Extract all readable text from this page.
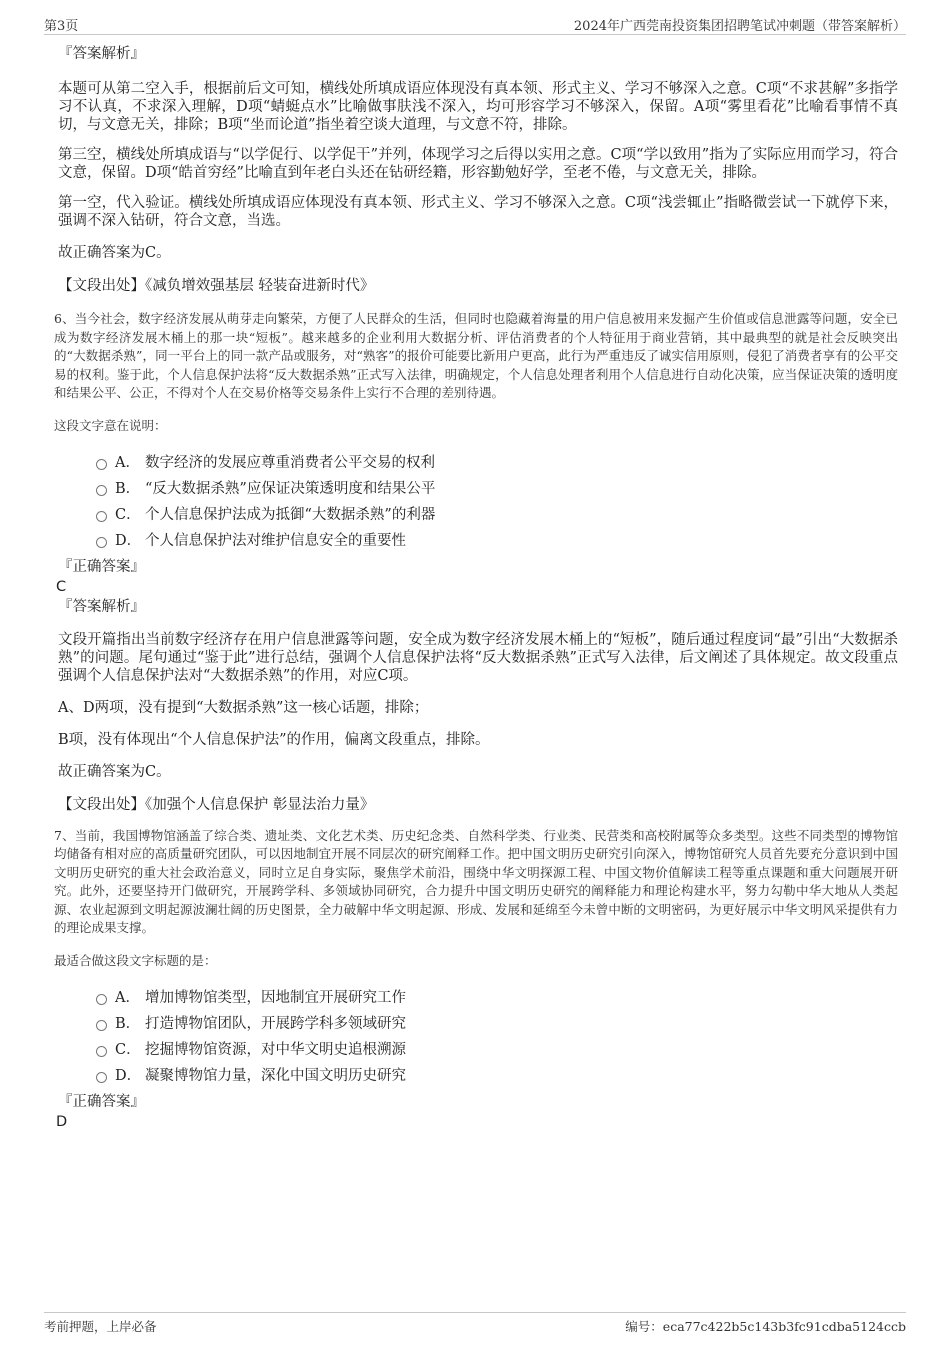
第3页	2024年广西莞南投资集团招聘笔试冲刺题（带答案解析）
『答案解析』

本题可从第二空入手，根据前后文可知，横线处所填成语应体现没有真本领、形式主义、学习不够深入之意。C项“不求甚解”多指学习不认真，不求深入理解，D项“蜻蜓点水”比喻做事肤浅不深入，均可形容学习不够深入，保留。A项“雾里看花”比喻看事情不真切，与文意无关，排除；B项“坐而论道”指坐着空谈大道理，与文意不符，排除。

第三空，横线处所填成语与“以学促行、以学促干”并列，体现学习之后得以实用之意。C项“学以致用”指为了实际应用而学习，符合文意，保留。D项“皓首穷经”比喻直到年老白头还在钻研经籍，形容勤勉好学，至老不倦，与文意无关，排除。

第一空，代入验证。横线处所填成语应体现没有真本领、形式主义、学习不够深入之意。C项“浅尝辄止”指略微尝试一下就停下来，强调不深入钻研，符合文意，当选。

故正确答案为C。

【文段出处】《减负增效强基层 轻装奋进新时代》

6、当今社会，数字经济发展从萌芽走向繁荣，方便了人民群众的生活，但同时也隐藏着海量的用户信息被用来发掘产生价值或信息泄露等问题，安全已成为数字经济发展木桶上的那一块“短板”。越来越多的企业利用大数据分析、评估消费者的个人特征用于商业营销，其中最典型的就是社会反映突出的“大数据杀熟”，同一平台上的同一款产品或服务，对“熟客”的报价可能要比新用户更高，此行为严重违反了诚实信用原则，侵犯了消费者享有的公平交易的权利。鉴于此，个人信息保护法将“反大数据杀熟”正式写入法律，明确规定，个人信息处理者利用个人信息进行自动化决策，应当保证决策的透明度和结果公平、公正，不得对个人在交易价格等交易条件上实行不合理的差别待遇。

这段文字意在说明：

A． 数字经济的发展应尊重消费者公平交易的权利
B． “反大数据杀熟”应保证决策透明度和结果公平
C． 个人信息保护法成为抵御“大数据杀熟”的利器
D． 个人信息保护法对维护信息安全的重要性
『正确答案』
C
『答案解析』

文段开篇指出当前数字经济存在用户信息泄露等问题，安全成为数字经济发展木桶上的“短板”，随后通过程度词“最”引出“大数据杀熟”的问题。尾句通过“鉴于此”进行总结，强调个人信息保护法将“反大数据杀熟”正式写入法律，后文阐述了具体规定。故文段重点强调个人信息保护法对“大数据杀熟”的作用，对应C项。

A、D两项，没有提到“大数据杀熟”这一核心话题，排除；

B项，没有体现出“个人信息保护法”的作用，偏离文段重点，排除。

故正确答案为C。

【文段出处】《加强个人信息保护 彰显法治力量》

7、当前，我国博物馆涵盖了综合类、遗址类、文化艺术类、历史纪念类、自然科学类、行业类、民营类和高校附属等众多类型。这些不同类型的博物馆均储备有相对应的高质量研究团队，可以因地制宜开展不同层次的研究阐释工作。把中国文明历史研究引向深入，博物馆研究人员首先要充分意识到中国文明历史研究的重大社会政治意义，同时立足自身实际，聚焦学术前沿，围绕中华文明探源工程、中国文物价值解读工程等重点课题和重大问题展开研究。此外，还要坚持开门做研究，开展跨学科、多领域协同研究，合力提升中国文明历史研究的阐释能力和理论构建水平，努力勾勒中华大地从人类起源、农业起源到文明起源波澜壮阔的历史图景，全力破解中华文明起源、形成、发展和延绵至今未曾中断的文明密码，为更好展示中华文明风采提供有力的理论成果支撑。

最适合做这段文字标题的是：

A． 增加博物馆类型，因地制宜开展研究工作
B． 打造博物馆团队，开展跨学科多领域研究
C． 挖掘博物馆资源，对中华文明史追根溯源
D． 凝聚博物馆力量，深化中国文明历史研究
『正确答案』
D
考前押题，上岸必备	编号：eca77c422b5c143b3fc91cdba5124ccb
